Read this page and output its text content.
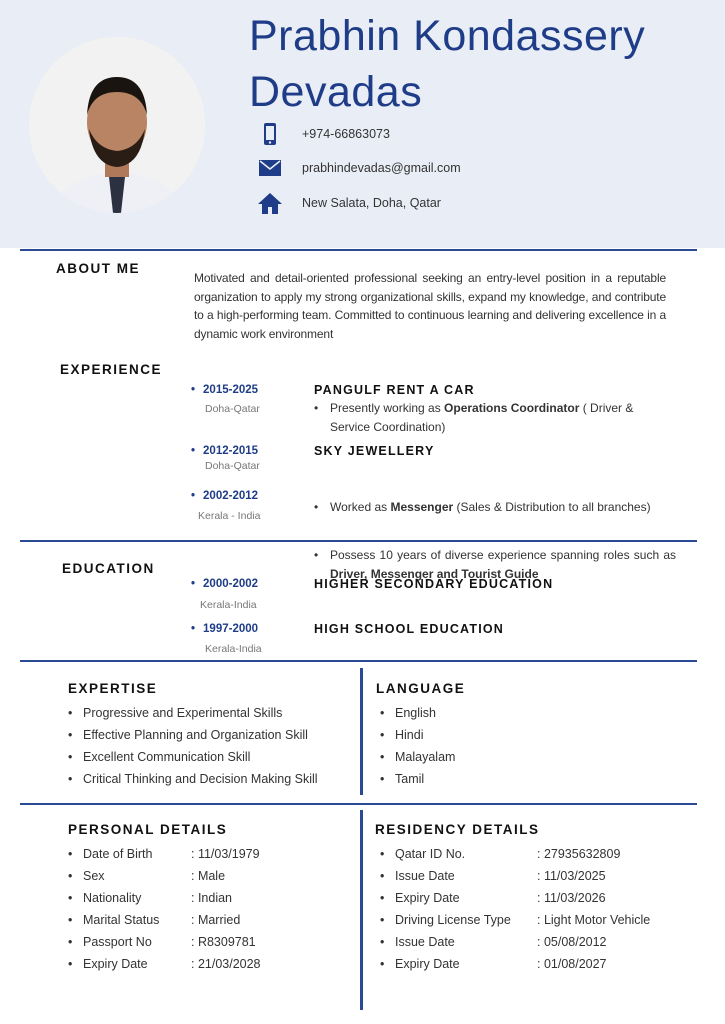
Prabhin Kondassery
Devadas
+974-66863073
prabhindevadas@gmail.com
New Salata, Doha, Qatar
ABOUT ME
Motivated and detail-oriented professional seeking an entry-level position in a reputable organization to apply my strong organizational skills, expand my knowledge, and contribute to a high-performing team. Committed to continuous learning and delivering excellence in a dynamic work environment
EXPERIENCE
• 2015-2025
Doha-Qatar
PANGULF RENT A CAR
• Presently working as Operations Coordinator ( Driver & Service Coordination)
• 2012-2015
Doha-Qatar
SKY JEWELLERY
• Worked as Messenger (Sales & Distribution to all branches)
• 2002-2012
Kerala - India
• Possess 10 years of diverse experience spanning roles such as Driver, Messenger and Tourist Guide
EDUCATION
• 2000-2002
Kerala-India
HIGHER SECONDARY EDUCATION
• 1997-2000
Kerala-India
HIGH SCHOOL EDUCATION
EXPERTISE
• Progressive and Experimental Skills
• Effective Planning and Organization Skill
• Excellent Communication Skill
• Critical Thinking and Decision Making Skill
LANGUAGE
• English
• Hindi
• Malayalam
• Tamil
PERSONAL DETAILS
• Date of Birth	: 11/03/1979
• Sex	: Male
• Nationality	: Indian
• Marital Status	: Married
• Passport No	: R8309781
• Expiry Date	: 21/03/2028
RESIDENCY DETAILS
• Qatar ID No.	: 27935632809
• Issue Date	: 11/03/2025
• Expiry Date	: 11/03/2026
• Driving License Type	: Light Motor Vehicle
• Issue Date	: 05/08/2012
• Expiry Date	: 01/08/2027
